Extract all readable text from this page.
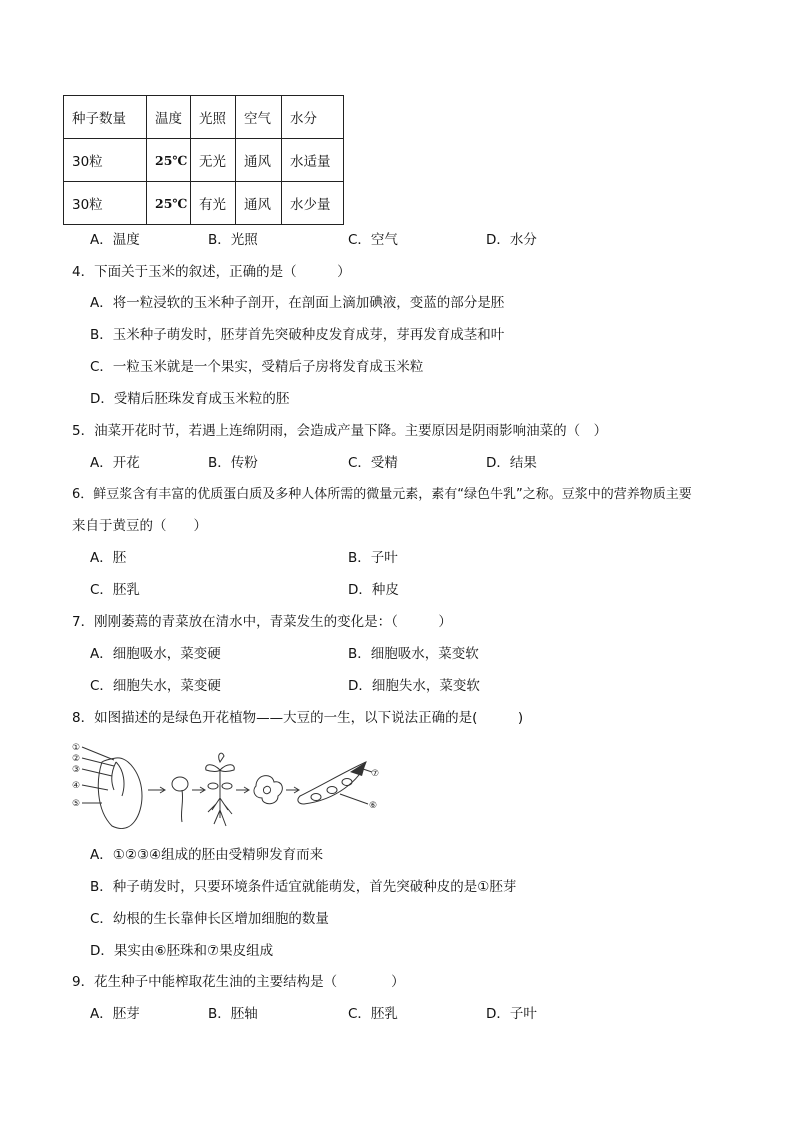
种子数量	温度	光照	空气	水分
30粒	25℃	无光	通风	水适量
30粒	25℃	有光	通风	水少量
A．温度	B．光照	C．空气	D．水分
4．下面关于玉米的叙述，正确的是（　　　）
A．将一粒浸软的玉米种子剖开，在剖面上滴加碘液，变蓝的部分是胚
B．玉米种子萌发时，胚芽首先突破种皮发育成芽，芽再发育成茎和叶
C．一粒玉米就是一个果实，受精后子房将发育成玉米粒
D．受精后胚珠发育成玉米粒的胚
5．油菜开花时节，若遇上连绵阴雨，会造成产量下降。主要原因是阴雨影响油菜的（　）
A．开花	B．传粉	C．受精	D．结果
6．鲜豆浆含有丰富的优质蛋白质及多种人体所需的微量元素，素有“绿色牛乳”之称。豆浆中的营养物质主要
来自于黄豆的（　　）
A．胚	B．子叶
C．胚乳	D．种皮
7．刚刚萎蔫的青菜放在清水中，青菜发生的变化是：（　　　）
A．细胞吸水，菜变硬	B．细胞吸水，菜变软
C．细胞失水，菜变硬	D．细胞失水，菜变软
8．如图描述的是绿色开花植物——大豆的一生，以下说法正确的是(　　　)
①
②
③
④
⑤	⑥
⑦
A．①②③④组成的胚由受精卵发育而来
B．种子萌发时，只要环境条件适宜就能萌发，首先突破种皮的是①胚芽
C．幼根的生长靠伸长区增加细胞的数量
D．果实由⑥胚珠和⑦果皮组成
9．花生种子中能榨取花生油的主要结构是（　　　　）
A．胚芽	B．胚轴	C．胚乳	D．子叶
